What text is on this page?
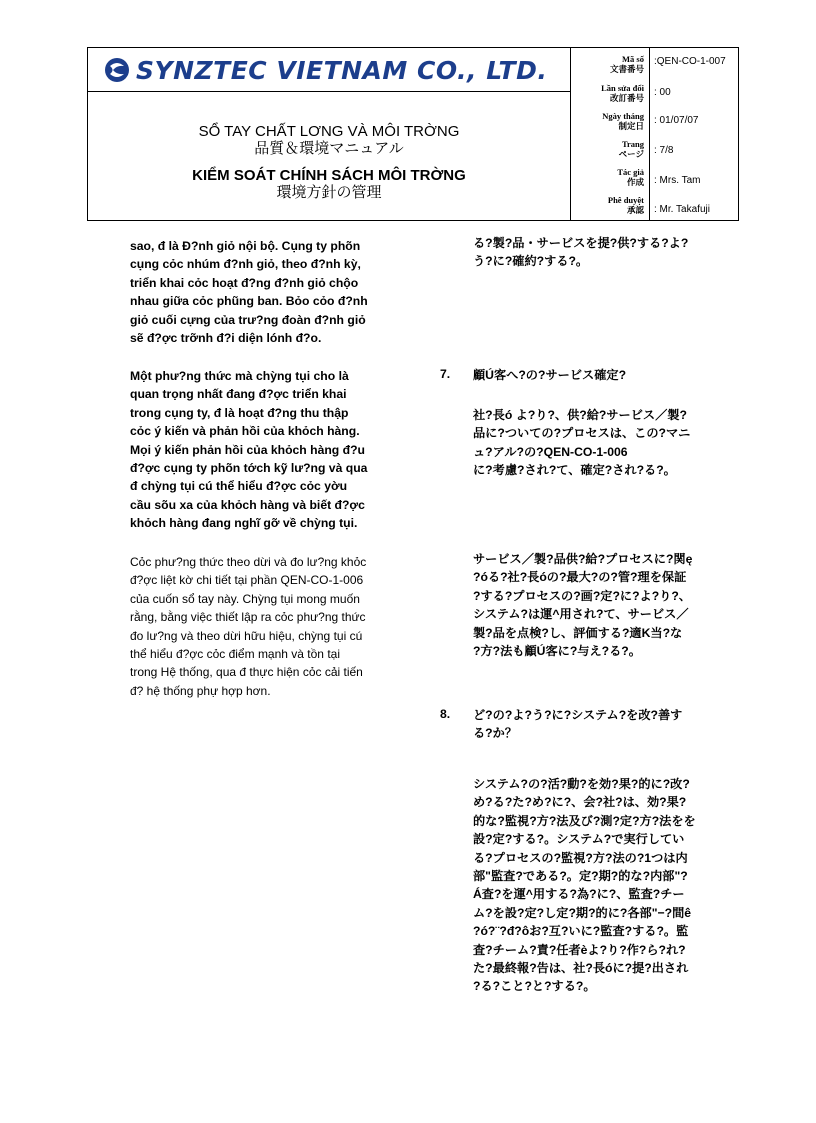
SYNZTEC VIETNAM CO., LTD.
SỔ TAY CHẤT LƠNG VÀ MÔI TRỜNG
品質＆環境マニュアル
KIỂM SOÁT CHÍNH SÁCH MÔI TRỜNG
環境方針の管理
Mã số
文書番号
:QEN-CO-1-007
Lần sửa đổi
改訂番号 : 00
Ngày tháng
制定日 : 01/07/07
Trang
ページ : 7/8
Tác giả
作成 : Mrs. Tam
Phê duyệt
承認 : Mr. Takafuji

sao, đ là Đ?nh giỏ nội bộ. Cụng ty phõn

cụng cỏc nhúm đ?nh giỏ, theo đ?nh kỳ,

triển khai cỏc hoạt đ?ng đ?nh giỏ chộo

nhau giữa cỏc phũng ban. Bỏo cỏo đ?nh

giỏ cuối cựng của trư?ng đoàn đ?nh giỏ

sẽ đ?ợc trỡnh đ?i diện lónh đ?o.

Một phư?ng thức mà chỳng tụi cho là

quan trọng nhất đang đ?ợc triển khai

trong cụng ty, đ là hoạt đ?ng thu thập

cỏc ý kiến và phản hồi của khỏch hàng.

Mọi ý kiến phản hồi của khỏch hàng đ?u

đ?ợc cụng ty phõn tớch kỹ lư?ng và qua

đ chỳng tụi cú thể hiểu đ?ợc cỏc yờu

cầu sõu xa của khỏch hàng và biết đ?ợc

khỏch hàng đang nghĩ gỡ về chỳng tụi.

Cỏc phư?ng thức theo dừi và đo lư?ng khỏc

đ?ợc liệt kờ chi tiết tại phần QEN-CO-1-006

của cuốn sổ tay này. Chỳng tụi mong muốn

rằng, bằng việc thiết lập ra cỏc phư?ng thức

đo lư?ng và theo dừi hữu hiệu, chỳng tụi cú

thể hiểu đ?ợc cỏc điểm mạnh và tồn tại

trong Hệ thống, qua đ thực hiện cỏc cải tiến

đ? hệ thống phự hợp hơn.

る?製?品・サービスを提?供?する?よ?

う?に?確約?する?。

7. 顧Ú客へ?の?サービス確定?

社?長ó よ?り?、供?給?サービス／製?

品に?ついての?プロセスは、この?マニ

ュ?アル?の?QEN-CO-1-006

に?考慮?され?て、確定?され?る?。

サービス／製?品供?給?プロセスに?関ę

?óる?社?長óの?最大?の?管?理を保証

?する?プロセスの?画?定?に?よ?り?、

システム?は運^用され?て、サービス／

製?品を点検?し、評価する?適K当?な

?方?法も顧Ú客に?与え?る?。

8. ど?の?よ?う?に?システム?を改?善す

る?か？

システム?の?活?動?を効?果?的に?改?

め?る?た?め?に?、会?社?は、効?果?

的な?監視?方?法及び?測?定?方?法をを

設?定?する?。システム?で実行してい

る?プロセスの?監視?方?法の?1つは内

部"監査?である?。定?期?的な?内部"?

Á査?を運^用する?為?に?、監査?チー

ム?を設?定?し定?期?的に?各部"−?間ê

?ó?¨?đ?ôお?互?いに?監査?する?。監

査?チーム?責?任者èよ?り?作?ら?れ?

た?最終報?告は、社?長óに?提?出され

?る?こと?と?する?。
